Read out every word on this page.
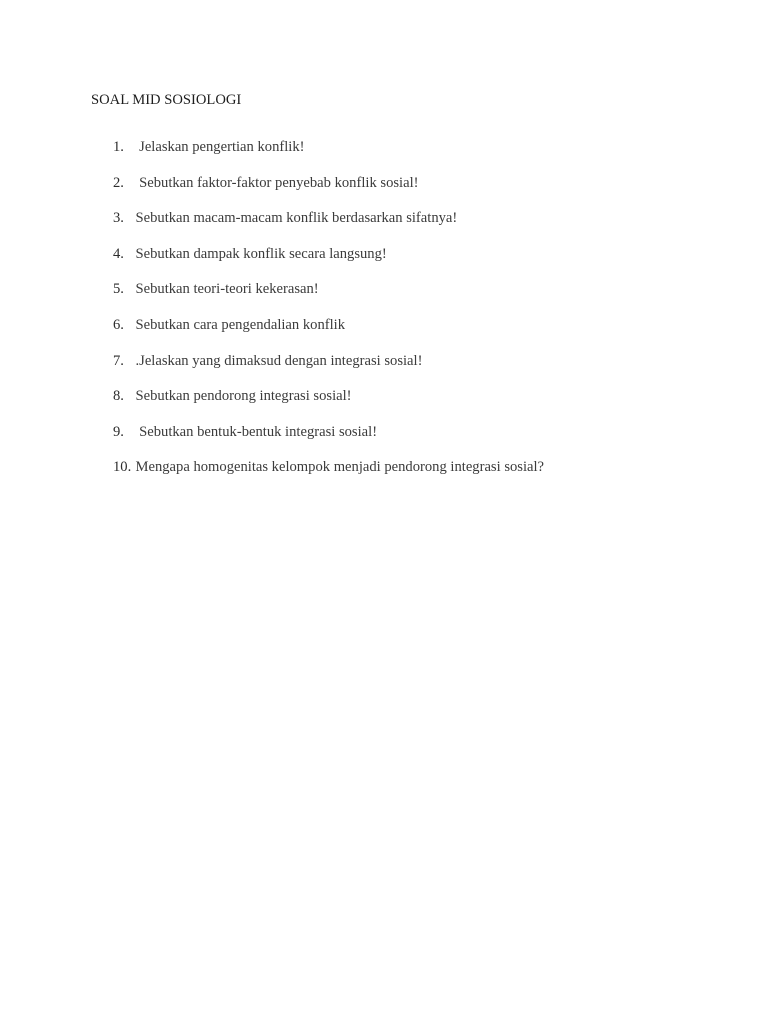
SOAL MID SOSIOLOGI
1. Jelaskan pengertian konflik!
2. Sebutkan faktor-faktor penyebab konflik sosial!
3. Sebutkan macam-macam konflik berdasarkan sifatnya!
4. Sebutkan dampak konflik secara langsung!
5. Sebutkan teori-teori kekerasan!
6. Sebutkan cara pengendalian konflik
7. .Jelaskan yang dimaksud dengan integrasi sosial!
8. Sebutkan pendorong integrasi sosial!
9. Sebutkan bentuk-bentuk integrasi sosial!
10. Mengapa homogenitas kelompok menjadi pendorong integrasi sosial?
